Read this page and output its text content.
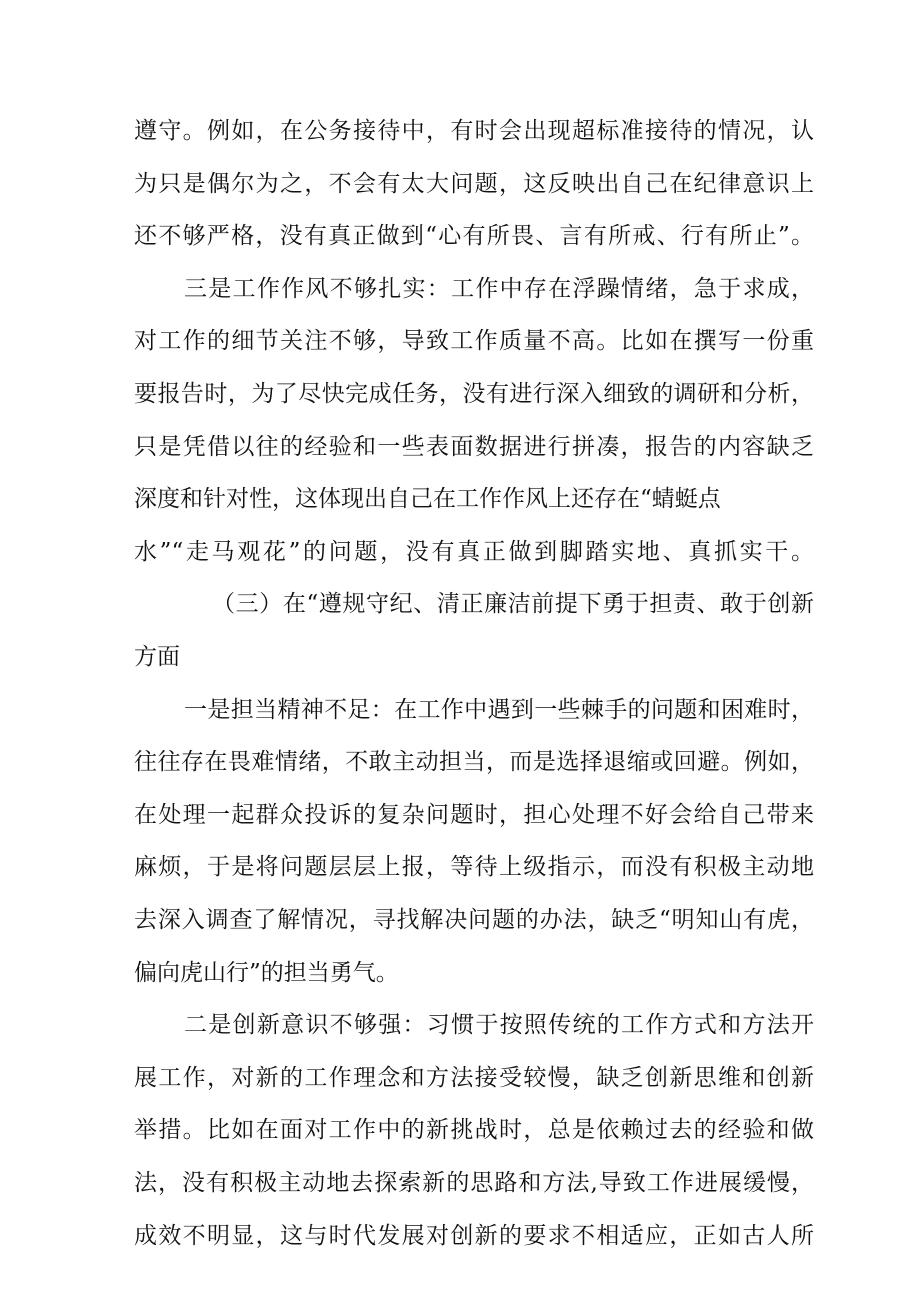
遵守。例如，在公务接待中，有时会出现超标准接待的情况，认
为只是偶尔为之，不会有太大问题，这反映出自己在纪律意识上
还不够严格，没有真正做到“心有所畏、言有所戒、行有所止”。
三是工作作风不够扎实：工作中存在浮躁情绪，急于求成，
对工作的细节关注不够，导致工作质量不高。比如在撰写一份重
要报告时，为了尽快完成任务，没有进行深入细致的调研和分析，
只是凭借以往的经验和一些表面数据进行拼凑，报告的内容缺乏
深度和针对性，这体现出自己在工作作风上还存在“蜻蜓点
水”“走马观花”的问题，没有真正做到脚踏实地、真抓实干。
（三）在“遵规守纪、清正廉洁前提下勇于担责、敢于创新
方面
一是担当精神不足：在工作中遇到一些棘手的问题和困难时，
往往存在畏难情绪，不敢主动担当，而是选择退缩或回避。例如，
在处理一起群众投诉的复杂问题时，担心处理不好会给自己带来
麻烦，于是将问题层层上报，等待上级指示，而没有积极主动地
去深入调查了解情况，寻找解决问题的办法，缺乏“明知山有虎，
偏向虎山行”的担当勇气。
二是创新意识不够强：习惯于按照传统的工作方式和方法开
展工作，对新的工作理念和方法接受较慢，缺乏创新思维和创新
举措。比如在面对工作中的新挑战时，总是依赖过去的经验和做
法，没有积极主动地去探索新的思路和方法,导致工作进展缓慢，
成效不明显，这与时代发展对创新的要求不相适应，正如古人所
